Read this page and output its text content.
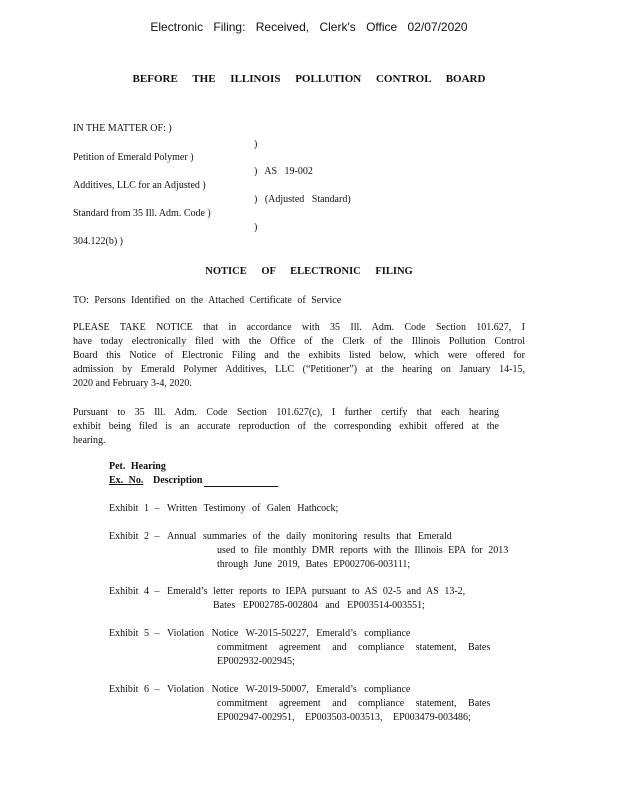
Electronic Filing: Received, Clerk's Office 02/07/2020
BEFORE THE ILLINOIS POLLUTION CONTROL BOARD
IN THE MATTER OF: )
)
Petition of Emerald Polymer )
) AS 19-002
Additives, LLC for an Adjusted )
) (Adjusted Standard)
Standard from 35 Ill. Adm. Code )
)
304.122(b) )
NOTICE OF ELECTRONIC FILING
TO: Persons Identified on the Attached Certificate of Service
PLEASE TAKE NOTICE that in accordance with 35 Ill. Adm. Code Section 101.627, I
have today electronically filed with the Office of the Clerk of the Illinois Pollution Control
Board this Notice of Electronic Filing and the exhibits listed below, which were offered for
admission by Emerald Polymer Additives, LLC (“Petitioner”) at the hearing on January 14-15,
2020 and February 3-4, 2020.
Pursuant to 35 Ill. Adm. Code Section 101.627(c), I further certify that each hearing
exhibit being filed is an accurate reproduction of the corresponding exhibit offered at the
hearing.
Pet. Hearing
Ex. No. Description
Exhibit 1 – Written Testimony of Galen Hathcock;
Exhibit 2 – Annual summaries of the daily monitoring results that Emerald
used to file monthly DMR reports with the Illinois EPA for 2013
through June 2019, Bates EP002706-003111;
Exhibit 4 – Emerald’s letter reports to IEPA pursuant to AS 02-5 and AS 13-2,
Bates EP002785-002804 and EP003514-003551;
Exhibit 5 – Violation Notice W-2015-50227, Emerald’s compliance
commitment agreement and compliance statement, Bates
EP002932-002945;
Exhibit 6 – Violation Notice W-2019-50007, Emerald’s compliance
commitment agreement and compliance statement, Bates
EP002947-002951, EP003503-003513, EP003479-003486;
